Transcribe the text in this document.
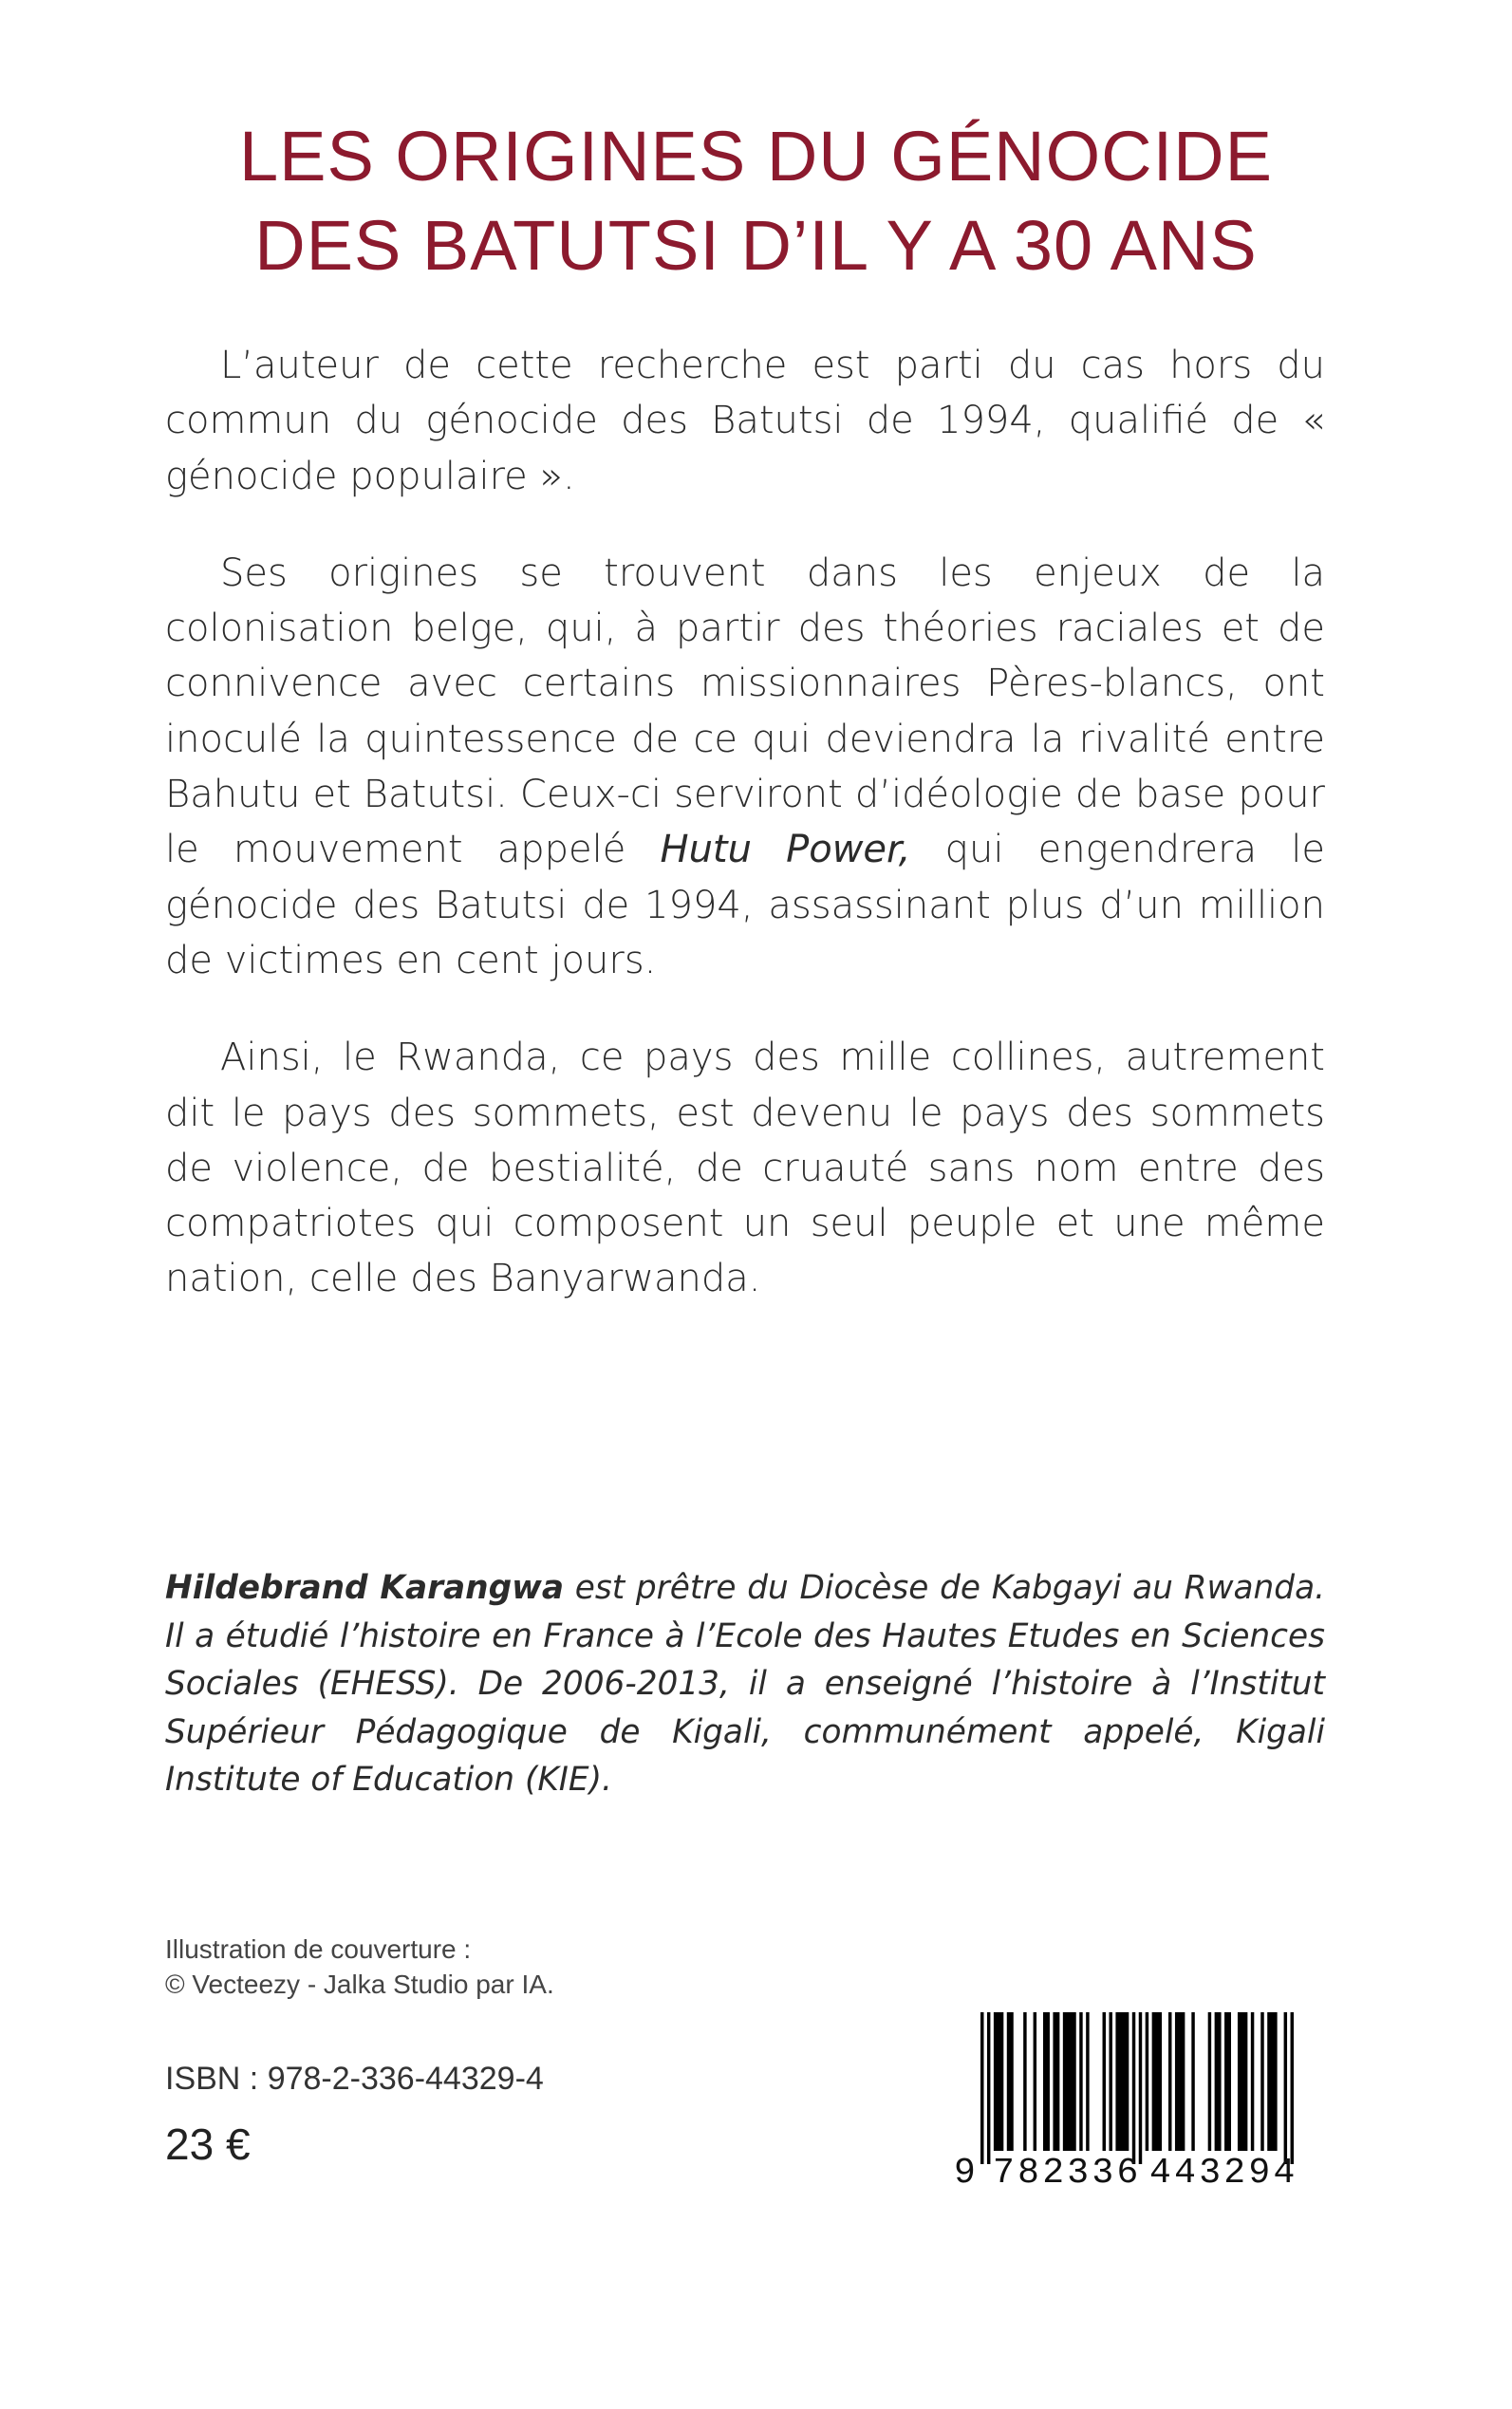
LES ORIGINES DU GÉNOCIDE
DES BATUTSI D’IL Y A 30 ANS

L’auteur de cette recherche est parti du cas hors du commun du génocide des Batutsi de 1994, qualifié de « génocide populaire ».

Ses origines se trouvent dans les enjeux de la colonisation belge, qui, à partir des théories raciales et de connivence avec certains missionnaires Pères-blancs, ont inoculé la quintessence de ce qui deviendra la rivalité entre Bahutu et Batutsi. Ceux-ci serviront d’idéologie de base pour le mouvement appelé Hutu Power, qui engendrera le génocide des Batutsi de 1994, assassinant plus d’un million de victimes en cent jours.

Ainsi, le Rwanda, ce pays des mille collines, autrement dit le pays des sommets, est devenu le pays des sommets de violence, de bestialité, de cruauté sans nom entre des compatriotes qui composent un seul peuple et une même nation, celle des Banyarwanda.

Hildebrand Karangwa est prêtre du Diocèse de Kabgayi au Rwanda. Il a étudié l’histoire en France à l’Ecole des Hautes Etudes en Sciences Sociales (EHESS). De 2006-2013, il a enseigné l’histoire à l’Institut Supérieur Pédagogique de Kigali, communément appelé, Kigali Institute of Education (KIE).

Illustration de couverture :
© Vecteezy - Jalka Studio par IA.
ISBN : 978-2-336-44329-4
23 €
9 782336 443294
